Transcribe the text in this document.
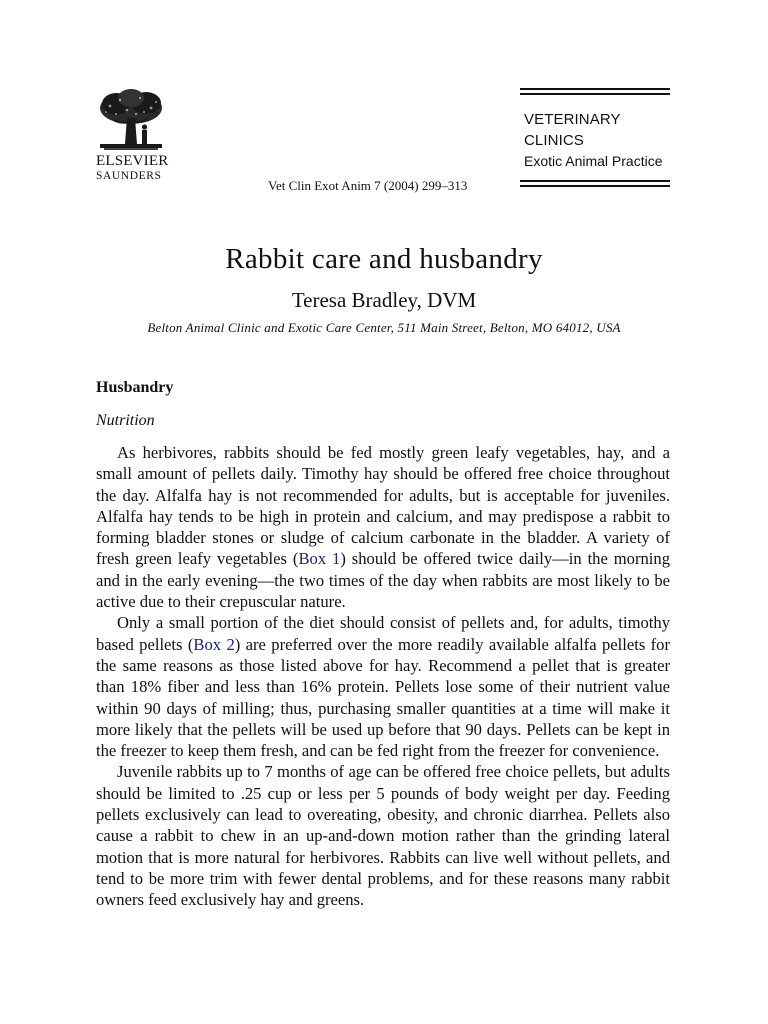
ELSEVIER
SAUNDERS
Vet Clin Exot Anim 7 (2004) 299–313
VETERINARY
CLINICS
Exotic Animal Practice
Rabbit care and husbandry
Teresa Bradley, DVM
Belton Animal Clinic and Exotic Care Center, 511 Main Street, Belton, MO 64012, USA
Husbandry
Nutrition

As herbivores, rabbits should be fed mostly green leafy vegetables, hay, and a small amount of pellets daily. Timothy hay should be offered free choice throughout the day. Alfalfa hay is not recommended for adults, but is acceptable for juveniles. Alfalfa hay tends to be high in protein and calcium, and may predispose a rabbit to forming bladder stones or sludge of calcium carbonate in the bladder. A variety of fresh green leafy vegetables (Box 1) should be offered twice daily—in the morning and in the early evening—the two times of the day when rabbits are most likely to be active due to their crepuscular nature.

Only a small portion of the diet should consist of pellets and, for adults, timothy based pellets (Box 2) are preferred over the more readily available alfalfa pellets for the same reasons as those listed above for hay. Recommend a pellet that is greater than 18% fiber and less than 16% protein. Pellets lose some of their nutrient value within 90 days of milling; thus, purchasing smaller quantities at a time will make it more likely that the pellets will be used up before that 90 days. Pellets can be kept in the freezer to keep them fresh, and can be fed right from the freezer for convenience.

Juvenile rabbits up to 7 months of age can be offered free choice pellets, but adults should be limited to .25 cup or less per 5 pounds of body weight per day. Feeding pellets exclusively can lead to overeating, obesity, and chronic diarrhea. Pellets also cause a rabbit to chew in an up-and-down motion rather than the grinding lateral motion that is more natural for herbivores. Rabbits can live well without pellets, and tend to be more trim with fewer dental problems, and for these reasons many rabbit owners feed exclusively hay and greens.
